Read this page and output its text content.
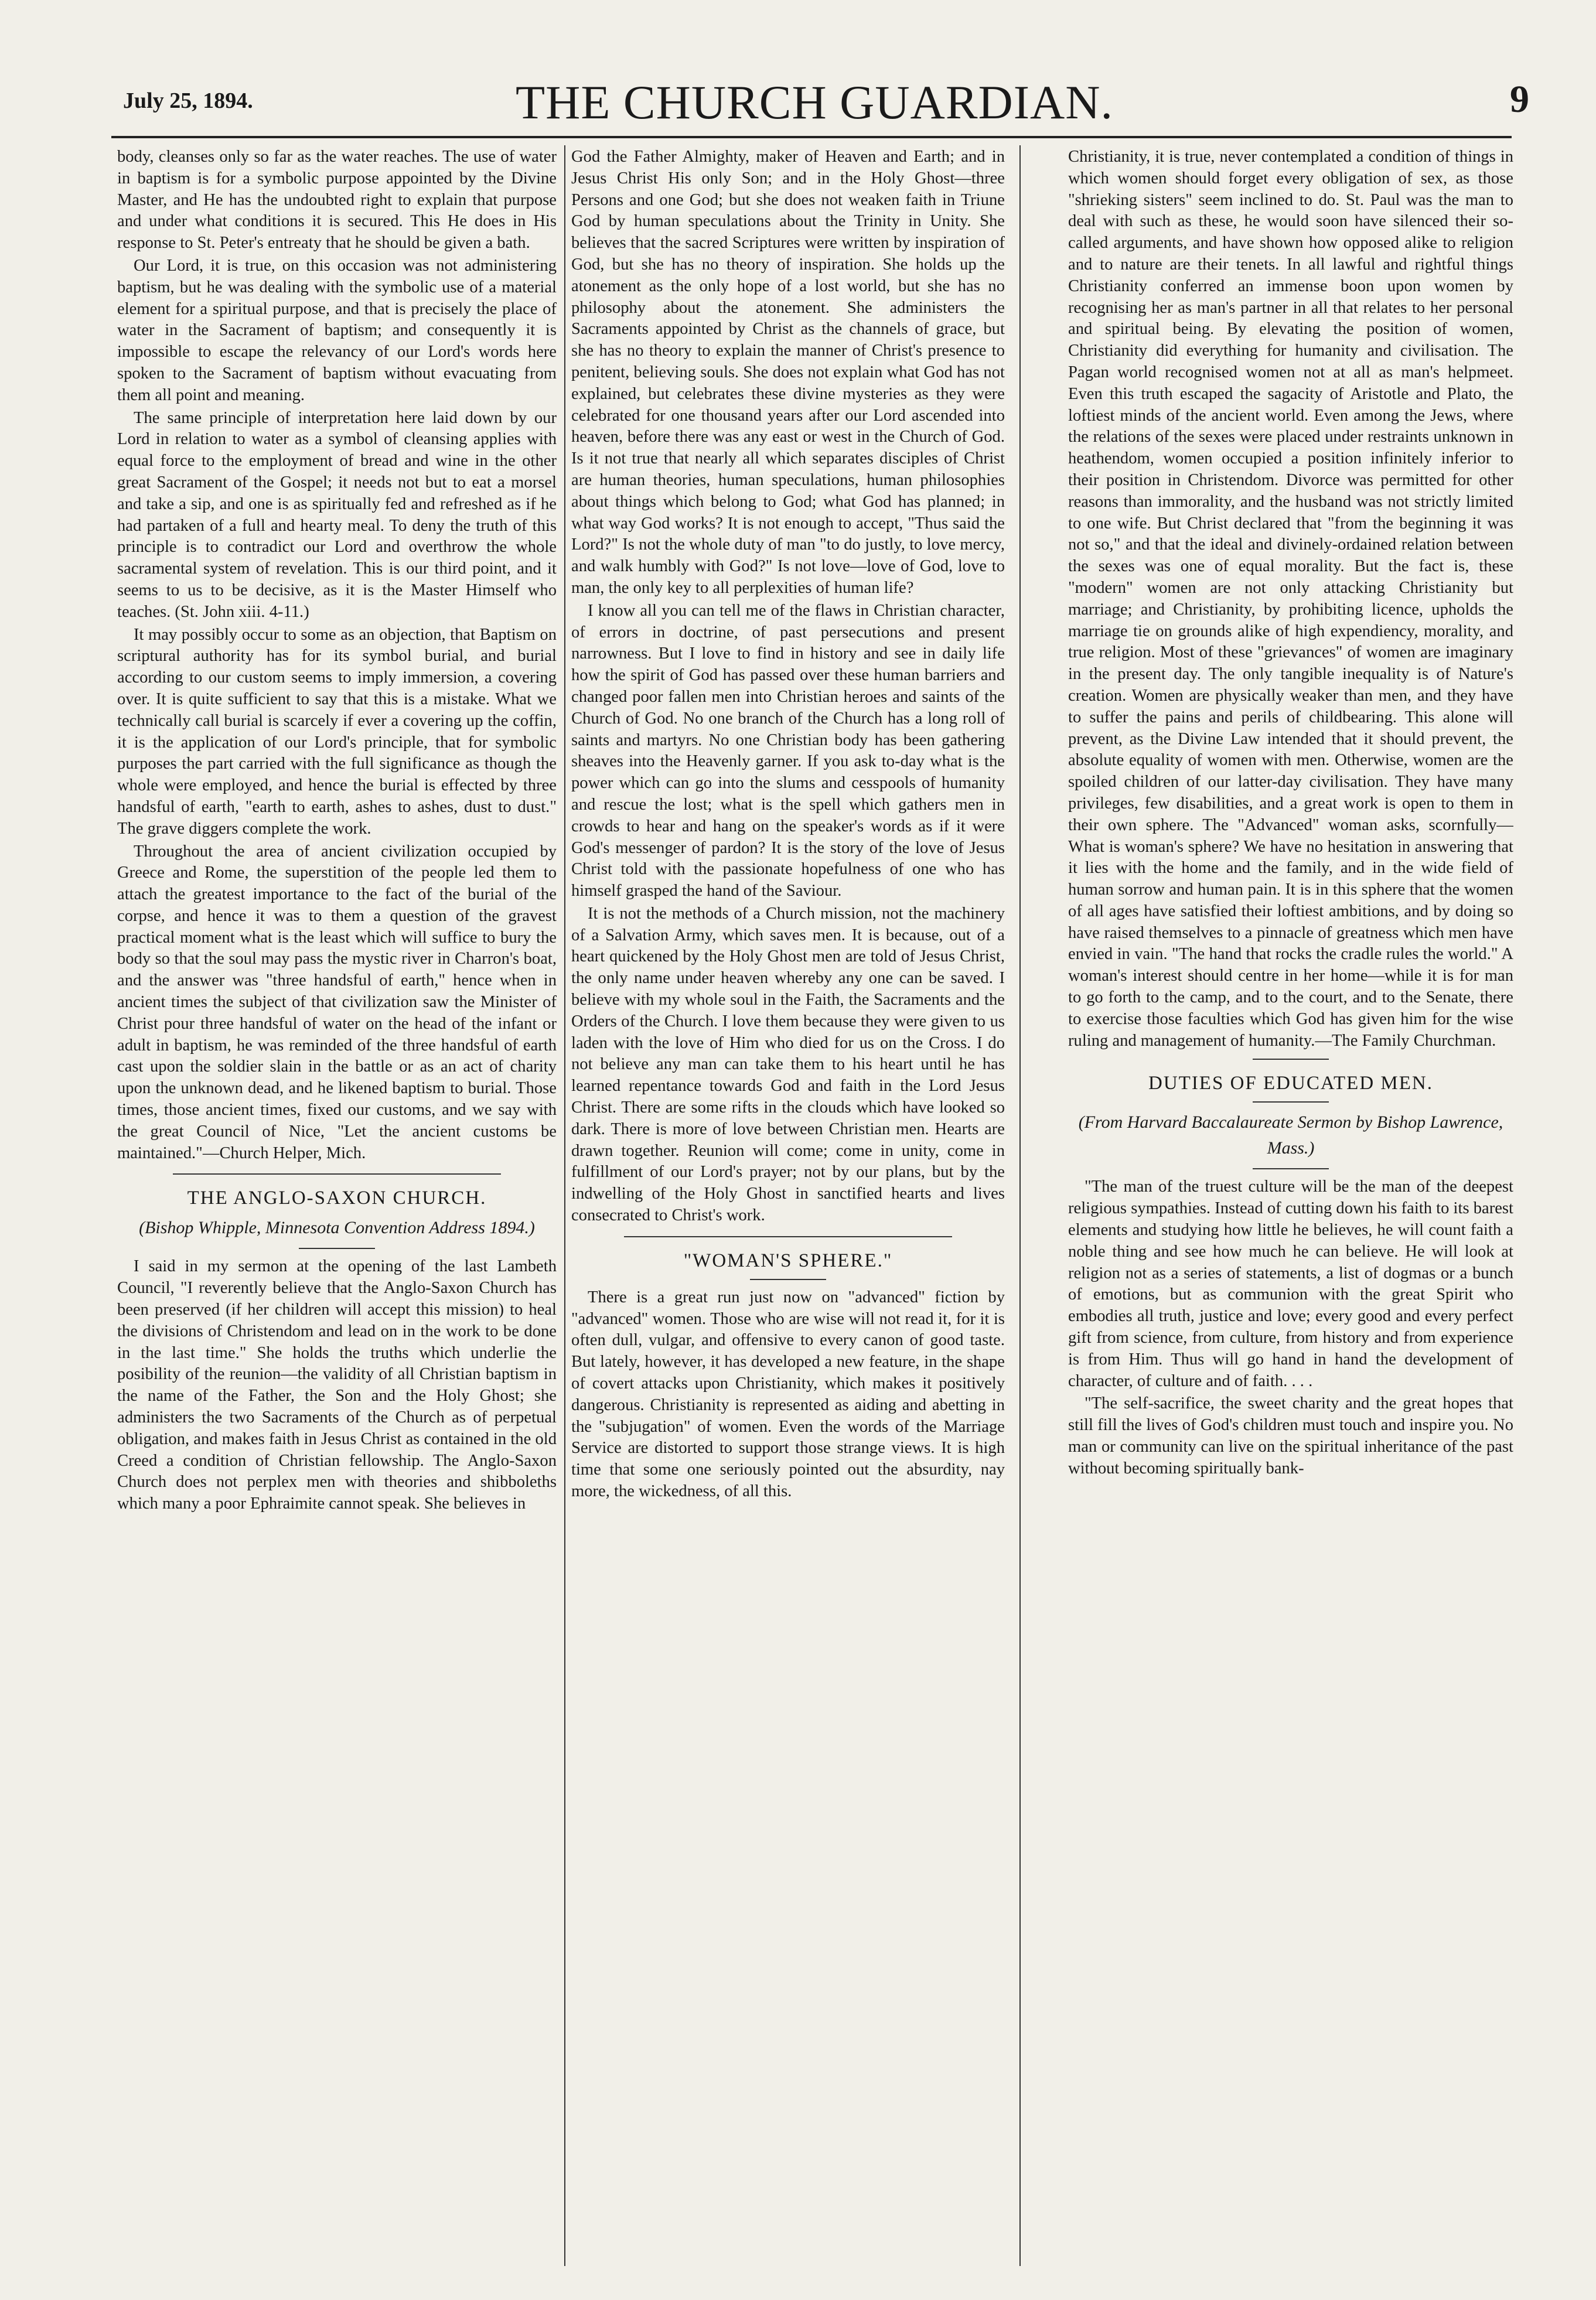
July 25, 1894.	THE CHURCH GUARDIAN.	9

body, cleanses only so far as the water reaches. The use of water in baptism is for a symbolic purpose appointed by the Divine Master, and He has the undoubted right to explain that purpose and under what conditions it is secured. This He does in His response to St. Peter's entreaty that he should be given a bath.

Our Lord, it is true, on this occasion was not administering baptism, but he was dealing with the symbolic use of a material element for a spiritual purpose, and that is precisely the place of water in the Sacrament of baptism; and consequently it is impossible to escape the relevancy of our Lord's words here spoken to the Sacrament of baptism without evacuating from them all point and meaning.

The same principle of interpretation here laid down by our Lord in relation to water as a symbol of cleansing applies with equal force to the employment of bread and wine in the other great Sacrament of the Gospel; it needs not but to eat a morsel and take a sip, and one is as spiritually fed and refreshed as if he had partaken of a full and hearty meal. To deny the truth of this principle is to contradict our Lord and overthrow the whole sacramental system of revelation. This is our third point, and it seems to us to be decisive, as it is the Master Himself who teaches. (St. John xiii. 4-11.)

It may possibly occur to some as an objection, that Baptism on scriptural authority has for its symbol burial, and burial according to our custom seems to imply immersion, a covering over. It is quite sufficient to say that this is a mistake. What we technically call burial is scarcely if ever a covering up the coffin, it is the application of our Lord's principle, that for symbolic purposes the part carried with the full significance as though the whole were employed, and hence the burial is effected by three handsful of earth, "earth to earth, ashes to ashes, dust to dust." The grave diggers complete the work.

Throughout the area of ancient civilization occupied by Greece and Rome, the superstition of the people led them to attach the greatest importance to the fact of the burial of the corpse, and hence it was to them a question of the gravest practical moment what is the least which will suffice to bury the body so that the soul may pass the mystic river in Charron's boat, and the answer was "three handsful of earth," hence when in ancient times the subject of that civilization saw the Minister of Christ pour three handsful of water on the head of the infant or adult in baptism, he was reminded of the three handsful of earth cast upon the soldier slain in the battle or as an act of charity upon the unknown dead, and he likened baptism to burial. Those times, those ancient times, fixed our customs, and we say with the great Council of Nice, "Let the ancient customs be maintained."—Church Helper, Mich.

THE ANGLO-SAXON CHURCH.
(Bishop Whipple, Minnesota Convention Address 1894.)

I said in my sermon at the opening of the last Lambeth Council, "I reverently believe that the Anglo-Saxon Church has been preserved (if her children will accept this mission) to heal the divisions of Christendom and lead on in the work to be done in the last time." She holds the truths which underlie the posibility of the reunion—the validity of all Christian baptism in the name of the Father, the Son and the Holy Ghost; she administers the two Sacraments of the Church as of perpetual obligation, and makes faith in Jesus Christ as contained in the old Creed a condition of Christian fellowship. The Anglo-Saxon Church does not perplex men with theories and shibboleths which many a poor Ephraimite cannot speak. She believes in

God the Father Almighty, maker of Heaven and Earth; and in Jesus Christ His only Son; and in the Holy Ghost—three Persons and one God; but she does not weaken faith in Triune God by human speculations about the Trinity in Unity. She believes that the sacred Scriptures were written by inspiration of God, but she has no theory of inspiration. She holds up the atonement as the only hope of a lost world, but she has no philosophy about the atonement. She administers the Sacraments appointed by Christ as the channels of grace, but she has no theory to explain the manner of Christ's presence to penitent, believing souls. She does not explain what God has not explained, but celebrates these divine mysteries as they were celebrated for one thousand years after our Lord ascended into heaven, before there was any east or west in the Church of God. Is it not true that nearly all which separates disciples of Christ are human theories, human speculations, human philosophies about things which belong to God; what God has planned; in what way God works? It is not enough to accept, "Thus said the Lord?" Is not the whole duty of man "to do justly, to love mercy, and walk humbly with God?" Is not love—love of God, love to man, the only key to all perplexities of human life?

I know all you can tell me of the flaws in Christian character, of errors in doctrine, of past persecutions and present narrowness. But I love to find in history and see in daily life how the spirit of God has passed over these human barriers and changed poor fallen men into Christian heroes and saints of the Church of God. No one branch of the Church has a long roll of saints and martyrs. No one Christian body has been gathering sheaves into the Heavenly garner. If you ask to-day what is the power which can go into the slums and cesspools of humanity and rescue the lost; what is the spell which gathers men in crowds to hear and hang on the speaker's words as if it were God's messenger of pardon? It is the story of the love of Jesus Christ told with the passionate hopefulness of one who has himself grasped the hand of the Saviour.

It is not the methods of a Church mission, not the machinery of a Salvation Army, which saves men. It is because, out of a heart quickened by the Holy Ghost men are told of Jesus Christ, the only name under heaven whereby any one can be saved. I believe with my whole soul in the Faith, the Sacraments and the Orders of the Church. I love them because they were given to us laden with the love of Him who died for us on the Cross. I do not believe any man can take them to his heart until he has learned repentance towards God and faith in the Lord Jesus Christ. There are some rifts in the clouds which have looked so dark. There is more of love between Christian men. Hearts are drawn together. Reunion will come; come in unity, come in fulfillment of our Lord's prayer; not by our plans, but by the indwelling of the Holy Ghost in sanctified hearts and lives consecrated to Christ's work.

"WOMAN'S SPHERE."

There is a great run just now on "advanced" fiction by "advanced" women. Those who are wise will not read it, for it is often dull, vulgar, and offensive to every canon of good taste. But lately, however, it has developed a new feature, in the shape of covert attacks upon Christianity, which makes it positively dangerous. Christianity is represented as aiding and abetting in the "subjugation" of women. Even the words of the Marriage Service are distorted to support those strange views. It is high time that some one seriously pointed out the absurdity, nay more, the wickedness, of all this.

Christianity, it is true, never contemplated a condition of things in which women should forget every obligation of sex, as those "shrieking sisters" seem inclined to do. St. Paul was the man to deal with such as these, he would soon have silenced their so-called arguments, and have shown how opposed alike to religion and to nature are their tenets. In all lawful and rightful things Christianity conferred an immense boon upon women by recognising her as man's partner in all that relates to her personal and spiritual being. By elevating the position of women, Christianity did everything for humanity and civilisation. The Pagan world recognised women not at all as man's helpmeet. Even this truth escaped the sagacity of Aristotle and Plato, the loftiest minds of the ancient world. Even among the Jews, where the relations of the sexes were placed under restraints unknown in heathendom, women occupied a position infinitely inferior to their position in Christendom. Divorce was permitted for other reasons than immorality, and the husband was not strictly limited to one wife. But Christ declared that "from the beginning it was not so," and that the ideal and divinely-ordained relation between the sexes was one of equal morality. But the fact is, these "modern" women are not only attacking Christianity but marriage; and Christianity, by prohibiting licence, upholds the marriage tie on grounds alike of high expendiency, morality, and true religion. Most of these "grievances" of women are imaginary in the present day. The only tangible inequality is of Nature's creation. Women are physically weaker than men, and they have to suffer the pains and perils of childbearing. This alone will prevent, as the Divine Law intended that it should prevent, the absolute equality of women with men. Otherwise, women are the spoiled children of our latter-day civilisation. They have many privileges, few disabilities, and a great work is open to them in their own sphere. The "Advanced" woman asks, scornfully—What is woman's sphere? We have no hesitation in answering that it lies with the home and the family, and in the wide field of human sorrow and human pain. It is in this sphere that the women of all ages have satisfied their loftiest ambitions, and by doing so have raised themselves to a pinnacle of greatness which men have envied in vain. "The hand that rocks the cradle rules the world." A woman's interest should centre in her home—while it is for man to go forth to the camp, and to the court, and to the Senate, there to exercise those faculties which God has given him for the wise ruling and management of humanity.—The Family Churchman.

DUTIES OF EDUCATED MEN.
(From Harvard Baccalaureate Sermon by Bishop Lawrence, Mass.)

"The man of the truest culture will be the man of the deepest religious sympathies. Instead of cutting down his faith to its barest elements and studying how little he believes, he will count faith a noble thing and see how much he can believe. He will look at religion not as a series of statements, a list of dogmas or a bunch of emotions, but as communion with the great Spirit who embodies all truth, justice and love; every good and every perfect gift from science, from culture, from history and from experience is from Him. Thus will go hand in hand the development of character, of culture and of faith. . . .

"The self-sacrifice, the sweet charity and the great hopes that still fill the lives of God's children must touch and inspire you. No man or community can live on the spiritual inheritance of the past without becoming spiritually bank-
